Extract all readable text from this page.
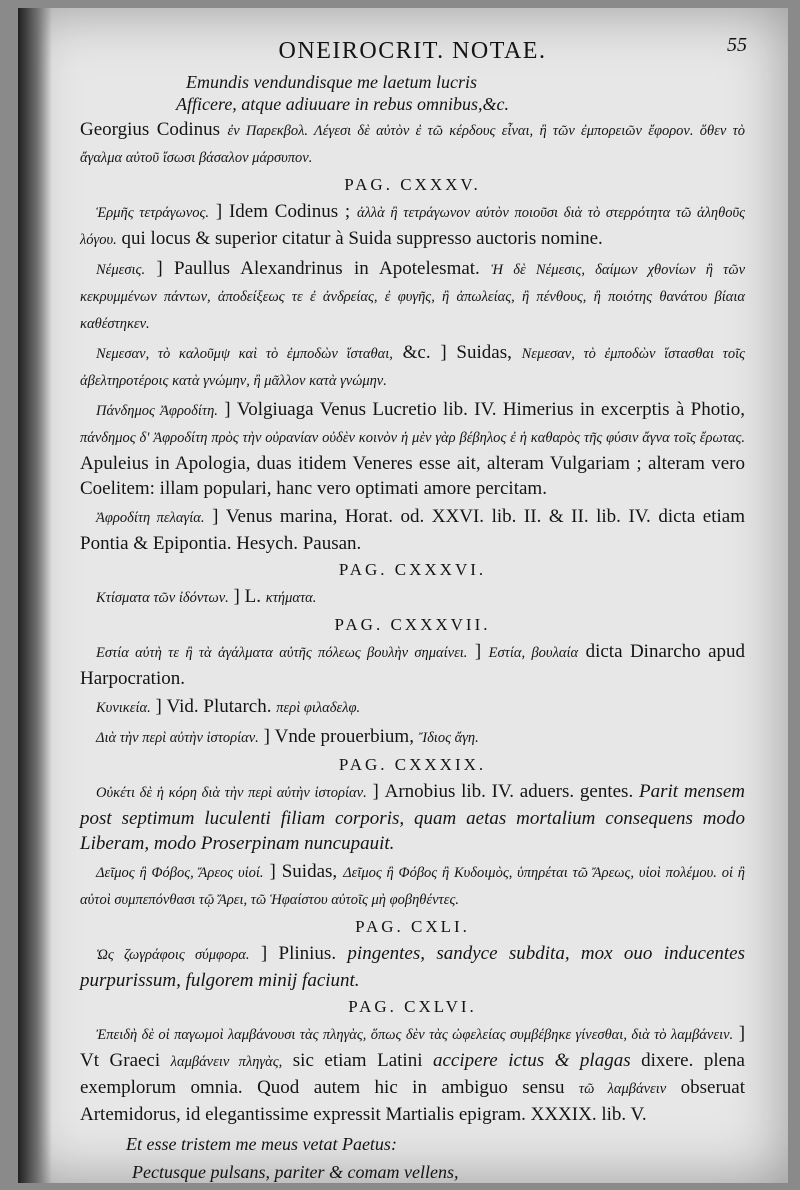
ONEIROCRIT. NOTAE.	55

Emundis vendundisque me laetum lucris

Afficere, atque adiuuare in rebus omnibus,&c.

Georgius Codinus ἐν Παρεκβολ. Λέγεσι δὲ αὐτὸν ἐ τῶ κέρδους εἶναι, ἢ τῶν ἐμπορειῶν ἔφορον. ὅθεν τὸ ἄγαλμα αὐτοῦ ἴσωσι βάσαλον μάρσυπον.

PAG. CXXXV.

Ἑρμῆς τετράγωνος. ] Idem Codinus ; ἀλλὰ ἢ τετράγωνον αὐτὸν ποιοῦσι διὰ τὸ στερρότητα τῶ ἀληθοῦς λόγου. qui locus & superior citatur à Suida suppresso auctoris nomine.

Νέμεσις. ] Paullus Alexandrinus in Apotelesmat. Ἡ δὲ Νέμεσις, δαίμων χθονίων ἢ τῶν κεκρυμμένων πάντων, ἀποδείξεως τε ἐ ἀνδρείας, ἐ φυγῆς, ἢ ἀπωλείας, ἢ πένθους, ἢ ποιότης θανάτου βίαια καθέστηκεν.

Νεμεσαν, τὸ καλοῦμψ καὶ τὸ ἐμποδὼν ἵσταθαι, &c. ] Suidas, Νεμεσαν, τὸ ἐμποδὼν ἵστασθαι τοῖς ἀβελτηροτέροις κατὰ γνώμην, ἢ μᾶλλον κατὰ γνώμην.

Πάνδημος Ἀφροδίτη. ] Volgiuaga Venus Lucretio lib. IV. Himerius in excerptis à Photio, πάνδημος δ' Ἀφροδίτη πρὸς τὴν οὐρανίαν οὐδὲν κοινὸν ἡ μὲν γὰρ βέβηλος ἐ ἡ καθαρὸς τῆς φύσιν ἄγνα τοῖς ἔρωτας. Apuleius in Apologia, duas itidem Veneres esse ait, alteram Vulgariam ; alteram vero Coelitem: illam populari, hanc vero optimati amore percitam.

Ἀφροδίτη πελαγία. ] Venus marina, Horat. od. XXVI. lib. II. & II. lib. IV. dicta etiam Pontia & Epipontia. Hesych. Pausan.

PAG. CXXXVI.

Κτίσματα τῶν ἰδόντων. ] L. κτήματα.

PAG. CXXXVII.

Εστία αὐτὴ τε ἢ τὰ ἀγάλματα αὐτῆς πόλεως βουλὴν σημαίνει. ] Εστία, βουλαία dicta Dinarcho apud Harpocration.

Κυνικεία. ] Vid. Plutarch. περὶ φιλαδελφ.

Διὰ τὴν περὶ αὐτὴν ἱστορίαν. ] Vnde prouerbium, Ἴδιος ἄγη.

PAG. CXXXIX.

Οὐκέτι δὲ ἡ κόρη διὰ τὴν περὶ αὐτὴν ἱστορίαν. ] Arnobius lib. IV. aduers. gentes. Parit mensem post septimum luculenti filiam corporis, quam aetas mortalium consequens modo Liberam, modo Proserpinam nuncupauit.

Δεῖμος ἢ Φόβος, Ἄρεος υἱοί. ] Suidas, Δεῖμος ἢ Φόβος ἢ Κυδοιμὸς, ὑπηρέται τῶ Ἄρεως, υἱοὶ πολέμου. οἱ ἢ αὐτοὶ συμπεπόνθασι τῷ Ἄρει, τῶ Ἡφαίστου αὐτοῖς μὴ φοβηθέντες.

PAG. CXLI.

Ὡς ζωγράφοις σύμφορα. ] Plinius. pingentes, sandyce subdita, mox ouo inducentes purpurissum, fulgorem minij faciunt.

PAG. CXLVI.

Ἐπειδὴ δὲ οἱ παγωμοὶ λαμβάνουσι τὰς πληγὰς, ὅπως δὲν τὰς ὠφελείας συμβέβηκε γίνεσθαι, διὰ τὸ λαμβάνειν. ] Vt Graeci λαμβάνειν πληγὰς, sic etiam Latini accipere ictus & plagas dixere. plena exemplorum omnia. Quod autem hic in ambiguo sensu τῶ λαμβάνειν obseruat Artemidorus, id elegantissime expressit Martialis epigram. XXXIX. lib. V.

Et esse tristem me meus vetat Paetus:

Pectusque pulsans, pariter & comam vellens,
